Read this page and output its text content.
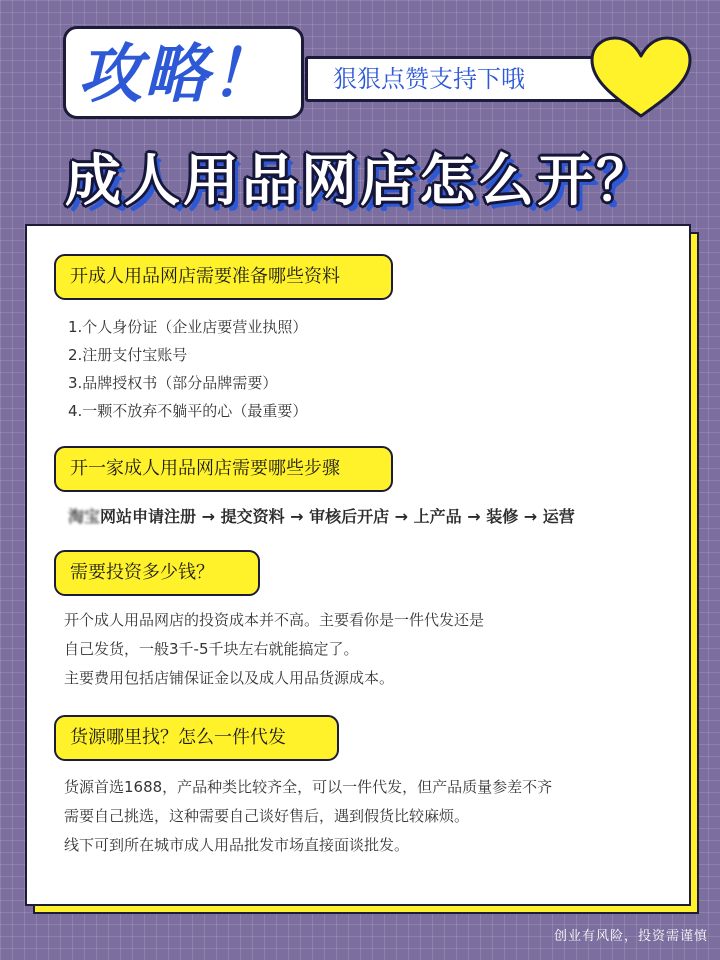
攻略！ 狠狠点赞支持下哦
成人用品网店怎么开？
开成人用品网店需要准备哪些资料
1.个人身份证（企业店要营业执照）
2.注册支付宝账号
3.品牌授权书（部分品牌需要）
4.一颗不放弃不躺平的心（最重要）
开一家成人用品网店需要哪些步骤
淘宝网站申请注册 → 提交资料 → 审核后开店 → 上产品 → 装修 → 运营
需要投资多少钱？

开个成人用品网店的投资成本并不高。主要看你是一件代发还是

自己发货，一般3千-5千块左右就能搞定了。

主要费用包括店铺保证金以及成人用品货源成本。

货源哪里找？怎么一件代发

货源首选1688，产品种类比较齐全，可以一件代发，但产品质量参差不齐

需要自己挑选，这种需要自己谈好售后，遇到假货比较麻烦。

线下可到所在城市成人用品批发市场直接面谈批发。

创业有风险，投资需谨慎
